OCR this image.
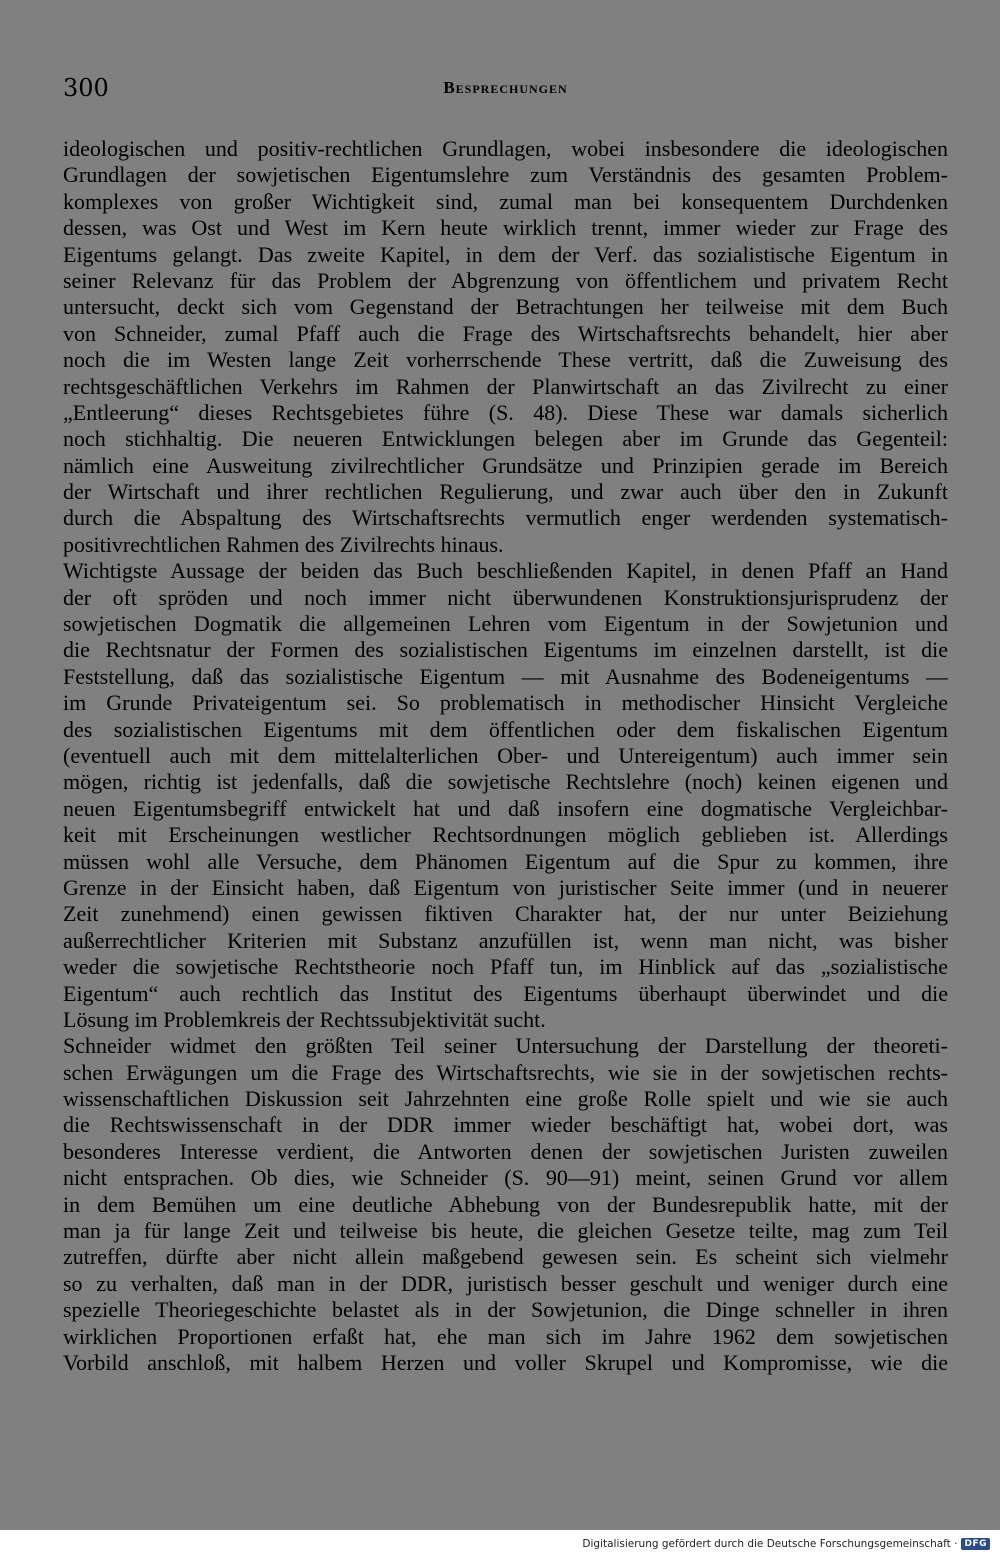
300	Besprechungen
ideologischen und positiv-rechtlichen Grundlagen, wobei insbesondere die ideologischen
Grundlagen der sowjetischen Eigentumslehre zum Verständnis des gesamten Problem-
komplexes von großer Wichtigkeit sind, zumal man bei konsequentem Durchdenken
dessen, was Ost und West im Kern heute wirklich trennt, immer wieder zur Frage des
Eigentums gelangt. Das zweite Kapitel, in dem der Verf. das sozialistische Eigentum in
seiner Relevanz für das Problem der Abgrenzung von öffentlichem und privatem Recht
untersucht, deckt sich vom Gegenstand der Betrachtungen her teilweise mit dem Buch
von Schneider, zumal Pfaff auch die Frage des Wirtschaftsrechts behandelt, hier aber
noch die im Westen lange Zeit vorherrschende These vertritt, daß die Zuweisung des
rechtsgeschäftlichen Verkehrs im Rahmen der Planwirtschaft an das Zivilrecht zu einer
„Entleerung“ dieses Rechtsgebietes führe (S. 48). Diese These war damals sicherlich
noch stichhaltig. Die neueren Entwicklungen belegen aber im Grunde das Gegenteil:
nämlich eine Ausweitung zivilrechtlicher Grundsätze und Prinzipien gerade im Bereich
der Wirtschaft und ihrer rechtlichen Regulierung, und zwar auch über den in Zukunft
durch die Abspaltung des Wirtschaftsrechts vermutlich enger werdenden systematisch-
positivrechtlichen Rahmen des Zivilrechts hinaus.
Wichtigste Aussage der beiden das Buch beschließenden Kapitel, in denen Pfaff an Hand
der oft spröden und noch immer nicht überwundenen Konstruktionsjurisprudenz der
sowjetischen Dogmatik die allgemeinen Lehren vom Eigentum in der Sowjetunion und
die Rechtsnatur der Formen des sozialistischen Eigentums im einzelnen darstellt, ist die
Feststellung, daß das sozialistische Eigentum — mit Ausnahme des Bodeneigentums —
im Grunde Privateigentum sei. So problematisch in methodischer Hinsicht Vergleiche
des sozialistischen Eigentums mit dem öffentlichen oder dem fiskalischen Eigentum
(eventuell auch mit dem mittelalterlichen Ober- und Untereigentum) auch immer sein
mögen, richtig ist jedenfalls, daß die sowjetische Rechtslehre (noch) keinen eigenen und
neuen Eigentumsbegriff entwickelt hat und daß insofern eine dogmatische Vergleichbar-
keit mit Erscheinungen westlicher Rechtsordnungen möglich geblieben ist. Allerdings
müssen wohl alle Versuche, dem Phänomen Eigentum auf die Spur zu kommen, ihre
Grenze in der Einsicht haben, daß Eigentum von juristischer Seite immer (und in neuerer
Zeit zunehmend) einen gewissen fiktiven Charakter hat, der nur unter Beiziehung
außerrechtlicher Kriterien mit Substanz anzufüllen ist, wenn man nicht, was bisher
weder die sowjetische Rechtstheorie noch Pfaff tun, im Hinblick auf das „sozialistische
Eigentum“ auch rechtlich das Institut des Eigentums überhaupt überwindet und die
Lösung im Problemkreis der Rechtssubjektivität sucht.
Schneider widmet den größten Teil seiner Untersuchung der Darstellung der theoreti-
schen Erwägungen um die Frage des Wirtschaftsrechts, wie sie in der sowjetischen rechts-
wissenschaftlichen Diskussion seit Jahrzehnten eine große Rolle spielt und wie sie auch
die Rechtswissenschaft in der DDR immer wieder beschäftigt hat, wobei dort, was
besonderes Interesse verdient, die Antworten denen der sowjetischen Juristen zuweilen
nicht entsprachen. Ob dies, wie Schneider (S. 90—91) meint, seinen Grund vor allem
in dem Bemühen um eine deutliche Abhebung von der Bundesrepublik hatte, mit der
man ja für lange Zeit und teilweise bis heute, die gleichen Gesetze teilte, mag zum Teil
zutreffen, dürfte aber nicht allein maßgebend gewesen sein. Es scheint sich vielmehr
so zu verhalten, daß man in der DDR, juristisch besser geschult und weniger durch eine
spezielle Theoriegeschichte belastet als in der Sowjetunion, die Dinge schneller in ihren
wirklichen Proportionen erfaßt hat, ehe man sich im Jahre 1962 dem sowjetischen
Vorbild anschloß, mit halbem Herzen und voller Skrupel und Kompromisse, wie die
Digitalisierung gefördert durch die Deutsche Forschungsgemeinschaft · DFG
